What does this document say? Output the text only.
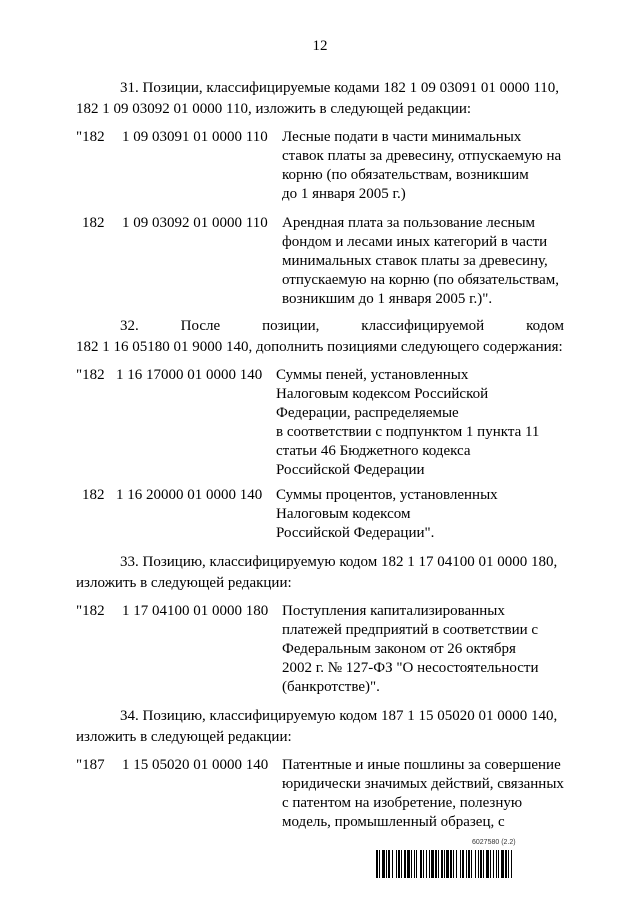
12
31. Позиции, классифицируемые кодами 182 1 09 03091 01 0000 110,
182 1 09 03092 01 0000 110, изложить в следующей редакции:
"182	1 09 03091 01 0000 110 Лесные подати в части минимальных
ставок платы за древесину, отпускаемую на
корню (по обязательствам, возникшим
до 1 января 2005 г.)
182	1 09 03092 01 0000 110 Арендная плата за пользование лесным
фондом и лесами иных категорий в части
минимальных ставок платы за древесину,
отпускаемую на корню (по обязательствам,
возникшим до 1 января 2005 г.)".
32. После позиции, классифицируемой кодом
182 1 16 05180 01 9000 140, дополнить позициями следующего содержания:
"182 1 16 17000 01 0000 140 Суммы пеней, установленных
Налоговым кодексом Российской
Федерации, распределяемые
в соответствии с подпунктом 1 пункта 11
статьи 46 Бюджетного кодекса
Российской Федерации
182 1 16 20000 01 0000 140 Суммы процентов, установленных
Налоговым кодексом
Российской Федерации".
33. Позицию, классифицируемую кодом 182 1 17 04100 01 0000 180,
изложить в следующей редакции:
"182	1 17 04100 01 0000 180 Поступления капитализированных
платежей предприятий в соответствии с
Федеральным законом от 26 октября
2002 г. № 127-ФЗ "О несостоятельности
(банкротстве)".
34. Позицию, классифицируемую кодом 187 1 15 05020 01 0000 140,
изложить в следующей редакции:
"187	1 15 05020 01 0000 140 Патентные и иные пошлины за совершение
юридически значимых действий, связанных
с патентом на изобретение, полезную
модель, промышленный образец, с
6027580 (2.2)
